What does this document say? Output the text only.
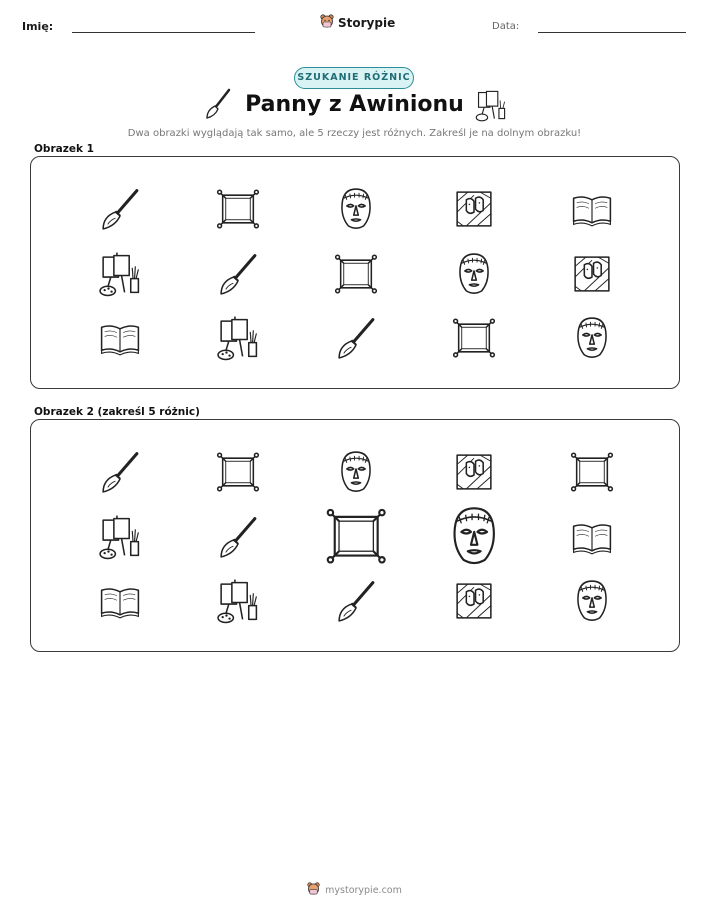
Imię:	Storypie	Data:
SZUKANIE RÓŻNIC
Panny z Awinionu
Dwa obrazki wyglądają tak samo, ale 5 rzeczy jest różnych. Zakreśl je na dolnym obrazku!
Obrazek 1
Obrazek 2 (zakreśl 5 różnic)
mystorypie.com
